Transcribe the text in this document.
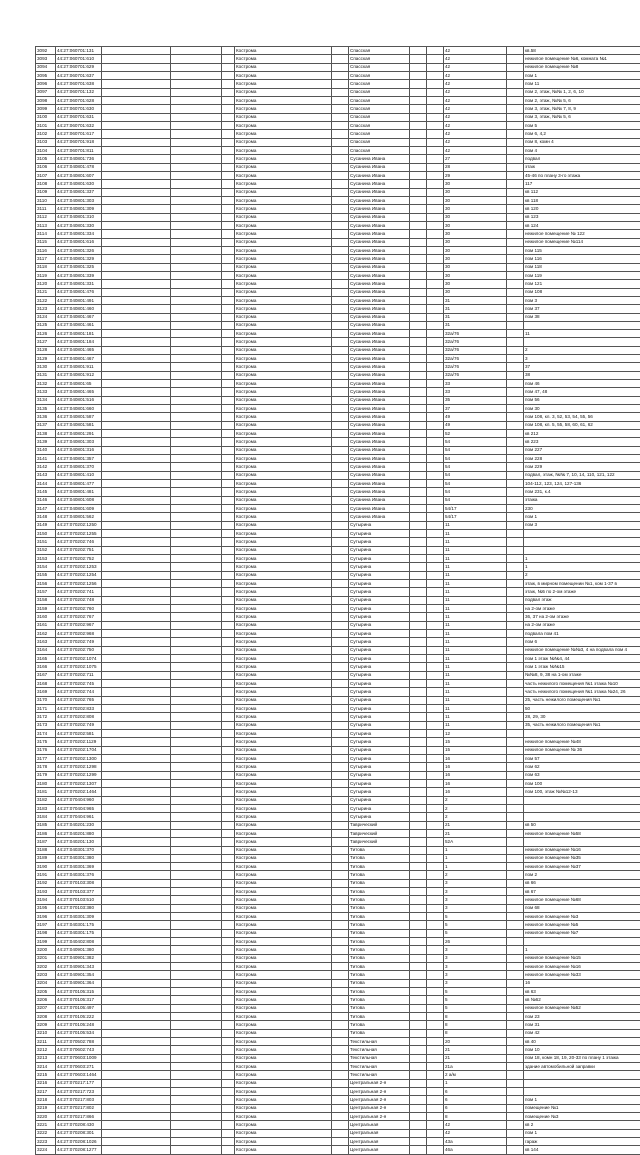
3092	44:27:060701:131				Кострома		Спасская			42		кв.58
3093	44:27:060701:610				Кострома		Спасская			42		нежилое помещение №6, комната №1
3094	44:27:060701:629				Кострома		Спасская			42		нежилое помещение №8
3095	44:27:060701:637				Кострома		Спасская			42		пом 1
3096	44:27:060701:638				Кострома		Спасская			42		пом 11
3097	44:27:060701:132				Кострома		Спасская			42		пом 2, этаж, №№ 1, 2, 6, 10
3098	44:27:060701:628				Кострома		Спасская			42		пом 2, этаж, №№ 5, 6
3099	44:27:060701:630				Кострома		Спасская			42		пом 3, этаж, №№ 7, 8, 9
3100	44:27:060701:631				Кострома		Спасская			42		пом 3, этаж, №№ 5, 6
3101	44:27:060701:632				Кострома		Спасская			42		пом 5
3102	44:27:060701:617				Кострома		Спасская			42		пом 6, 4,2
3103	44:27:060701:918				Кострома		Спасская			42		пом 8, комн 4
3104	44:27:060701:811				Кострома		Спасская			42		пом 4
3105	44:27:040801:736				Кострома		Сусанина Ивана			27		подвал
3106	44:27:040801:478				Кострома		Сусанина Ивана			28		этаж
3107	44:27:040801:607				Кострома		Сусанина Ивана			29		45-46 по плану 3-го этажа
3108	44:27:040801:630				Кострома		Сусанина Ивана			30		117
3109	44:27:040801:337				Кострома		Сусанина Ивана			30		кв 112
3110	44:27:040801:303				Кострома		Сусанина Ивана			30		кв 118
3111	44:27:040801:309				Кострома		Сусанина Ивана			30		кв 120
3112	44:27:040801:310				Кострома		Сусанина Ивана			30		кв 123
3113	44:27:040801:330				Кострома		Сусанина Ивана			30		кв 124
3114	44:27:040801:334				Кострома		Сусанина Ивана			30		нежилое помещение № 122
3115	44:27:040801:616				Кострома		Сусанина Ивана			30		нежилое помещение №114
3116	44:27:040801:326				Кострома		Сусанина Ивана			30		пом 115
3117	44:27:040801:329				Кострома		Сусанина Ивана			30		пом 116
3118	44:27:040801:325				Кострома		Сусанина Ивана			30		пом 118
3119	44:27:040801:339				Кострома		Сусанина Ивана			30		пом 119
3120	44:27:040801:331				Кострома		Сусанина Ивана			30		пом 121
3121	44:27:040801:476				Кострома		Сусанина Ивана			30		пом 108
3122	44:27:040801:491				Кострома		Сусанина Ивана			31		пом 3
3123	44:27:040801:460				Кострома		Сусанина Ивана			31		пом 37
3124	44:27:040801:467				Кострома		Сусанина Ивана			31		пом 38
3125	44:27:040801:461				Кострома		Сусанина Ивана			31		
3126	44:27:040801:181				Кострома		Сусанина Ивана			32а/76		11
3127	44:27:040801:184				Кострома		Сусанина Ивана			32а/76		
3128	44:27:040801:465				Кострома		Сусанина Ивана			32а/76		2
3129	44:27:040801:467				Кострома		Сусанина Ивана			32а/76		3
3130	44:27:040801:911				Кострома		Сусанина Ивана			32а/76		37
3131	44:27:040801:912				Кострома		Сусанина Ивана			32а/76		38
3132	44:27:040801:65				Кострома		Сусанина Ивана			33		пом 46
3133	44:27:040801:465				Кострома		Сусанина Ивана			33		пом 47, 48
3134	44:27:040801:516				Кострома		Сусанина Ивана			35		пом 56
3135	44:27:040801:660				Кострома		Сусанина Ивана			37		пом 30
3136	44:27:040801:587				Кострома		Сусанина Ивана			49		пом 108, кл. 3, 52, 53, 54, 55, 56
3137	44:27:040801:581				Кострома		Сусанина Ивана			49		пом 108, кл. 5, 55, 58, 60, 61, 62
3138	44:27:040801:291				Кострома		Сусанина Ивана			52		кв 212
3139	44:27:040801:303				Кострома		Сусанина Ивана			54		кв 223
3140	44:27:040801:316				Кострома		Сусанина Ивана			54		пом 227
3141	44:27:040801:357				Кострома		Сусанина Ивана			54		пом 228
3142	44:27:040801:370				Кострома		Сусанина Ивана			54		пом 229
3143	44:27:040801:410				Кострома		Сусанина Ивана			54		подвал, этаж, №№ 7, 10, 14, 110, 121, 122
3144	44:27:040801:477				Кострома		Сусанина Ивана			54		104-112, 123, 124, 127-136
3145	44:27:040801:481				Кострома		Сусанина Ивана			54		пом 231, к.4
3146	44:27:040801:608				Кострома		Сусанина Ивана			54		этажа
3147	44:27:040801:609				Кострома		Сусанина Ивана			54/17		230
3148	44:27:040801:562				Кострома		Сусанина Ивана			54/17		пом 1
3149	44:27:070202:1250				Кострома		Сутырина			11		пом 3
3150	44:27:070202:1255				Кострома		Сутырина			11		
3151	44:27:070202:746				Кострома		Сутырина			11		
3152	44:27:070202:751				Кострома		Сутырина			11		
3153	44:27:070202:752				Кострома		Сутырина			11		1
3154	44:27:070202:1253				Кострома		Сутырина			11		1
3155	44:27:070202:1254				Кострома		Сутырина			11		2
3156	44:27:070202:1256				Кострома		Сутырина			11		этаж, в мирном помещении №1, ком 1-37 в
3157	44:27:070202:741				Кострома		Сутырина			11		этаж, №5 по 2-ом этаже
3158	44:27:070202:748				Кострома		Сутырина			11		подвал этаж
3159	44:27:070202:760				Кострома		Сутырина			11		на 2-ом этаже
3160	44:27:070202:767				Кострома		Сутырина			11		36, 37 на 2-ом этаже
3161	44:27:070202:967				Кострома		Сутырина			11		на 2-ом этаже
3162	44:27:070202:968				Кострома		Сутырина			11		подвала пом 41
3163	44:27:070202:749				Кострома		Сутырина			11		пом 6
3164	44:27:070202:750				Кострома		Сутырина			11		нежилое помещение №№3, 4 на подвала пом 4
3165	44:27:070202:1074				Кострома		Сутырина			11		пом 1 этаж №№4, 44
3166	44:27:070202:1075				Кострома		Сутырина			11		пом 1 этаж №№15
3167	44:27:070202:711				Кострома		Сутырина			11		№№8, 9, 38 на 1-ом этаже
3168	44:27:070202:745				Кострома		Сутырина			11		часть нежилого помещения №1 этажа №10
3169	44:27:070202:744				Кострома		Сутырина			11		часть нежилого помещения №1 этажа №24, 26
3170	44:27:070202:765				Кострома		Сутырина			11		25, часть нежилого помещения №1
3171	44:27:070202:833				Кострома		Сутырина			11		50
3172	44:27:070202:808				Кострома		Сутырина			11		28, 29, 30
3173	44:27:070202:749				Кострома		Сутырина			11		35, часть нежилого помещения №1
3174	44:27:070202:581				Кострома		Сутырина			12		
3175	44:27:070202:1129				Кострома		Сутырина			15		нежилое помещение №48
3176	44:27:070202:1704				Кострома		Сутырина			15		нежилое помещение № 36
3177	44:27:070202:1300				Кострома		Сутырина			16		пом 57
3178	44:27:070202:1298				Кострома		Сутырина			16		пом 62
3179	44:27:070202:1299				Кострома		Сутырина			16		пом 63
3180	44:27:070202:1307				Кострома		Сутырина			16		пом 100
3181	44:27:070202:1464				Кострома		Сутырина			16		пом 100, этаж №№12-13
3182	44:27:070404:960				Кострома		Сутырина			2		
3183	44:27:070404:965				Кострома		Сутырина			2		
3184	44:27:070404:961				Кострома		Сутырина			2		
3185	44:27:040201:230				Кострома		Таврический			21		кв 50
3186	44:27:040201:880				Кострома		Таврический			21		нежилое помещение №58
3187	44:27:040201:130				Кострома		Таврический			52А		
3188	44:27:040301:370				Кострома		Титова			1		нежилое помещение №16
3189	44:27:040301:380				Кострома		Титова			1		нежилое помещение №35
3190	44:27:040301:369				Кострома		Титова			1		нежилое помещение №37
3191	44:27:040301:376				Кострома		Титова			2		пом 2
3192	44:27:070103:308				Кострома		Титова			3		кв 66
3193	44:27:070103:377				Кострома		Титова			3		кв 67
3194	44:27:070103:510				Кострома		Титова			3		нежилое помещение №68
3195	44:27:070103:380				Кострома		Титова			3		пом 68
3196	44:27:040301:309				Кострома		Титова			5		нежилое помещение №3
3197	44:27:040301:175				Кострома		Титова			5		нежилое помещение №5
3198	44:27:040301:175				Кострома		Титова			5		нежилое помещение №7
3199	44:27:040402:808				Кострома		Титова			26		
3200	44:27:040901:380				Кострома		Титова			3		1
3201	44:27:040901:382				Кострома		Титова			3		нежилое помещение №15
3202	44:27:040901:343				Кострома		Титова			3		нежилое помещение №16
3203	44:27:040901:354				Кострома		Титова			3		нежилое помещение №33
3204	44:27:040901:364				Кострома		Титова			3		16
3205	44:27:070105:315				Кострома		Титова			5		кв 63
3206	44:27:070105:317				Кострома		Титова			5		кв №62
3207	44:27:070105:497				Кострома		Титова			5		нежилое помещение №52
3208	44:27:070105:222				Кострома		Титова			8		пом 23
3209	44:27:070105:248				Кострома		Титова			8		пом 31
3210	44:27:070105:534				Кострома		Титова			8		пом 42
3211	44:27:070502:788				Кострома		Текстильная			20		кв 40
3212	44:27:070602:743				Кострома		Текстильная			21		пом 10
3213	44:27:070603:1009				Кострома		Текстильная			21		пом 18, комн 18, 19, 20-33 по плану 1 этажа
3214	44:27:070603:271				Кострома		Текстильная			21а		здание автомобильной заправки
3215	44:27:070603:1464				Кострома		Текстильная			2 а/м		
3216	44:27:070217:177				Кострома		Центральная 2-я			1		
3217	44:27:070217:723				Кострома		Центральная 2-я			6		
3218	44:27:070217:803				Кострома		Центральная 2-я			6		пом 1
3219	44:27:070217:802				Кострома		Центральная 2-я			6		помещение №1
3220	44:27:070217:866				Кострома		Центральная 2-я			8		помещение №3
3221	44:27:070208:430				Кострома		Центральная			42		кв 2
3222	44:27:070208:301				Кострома		Центральная			42		пом 1
3223	44:27:070208:1026				Кострома		Центральная			43а		гараж
3224	44:27:070208:1277				Кострома		Центральная			46а		кв 144
